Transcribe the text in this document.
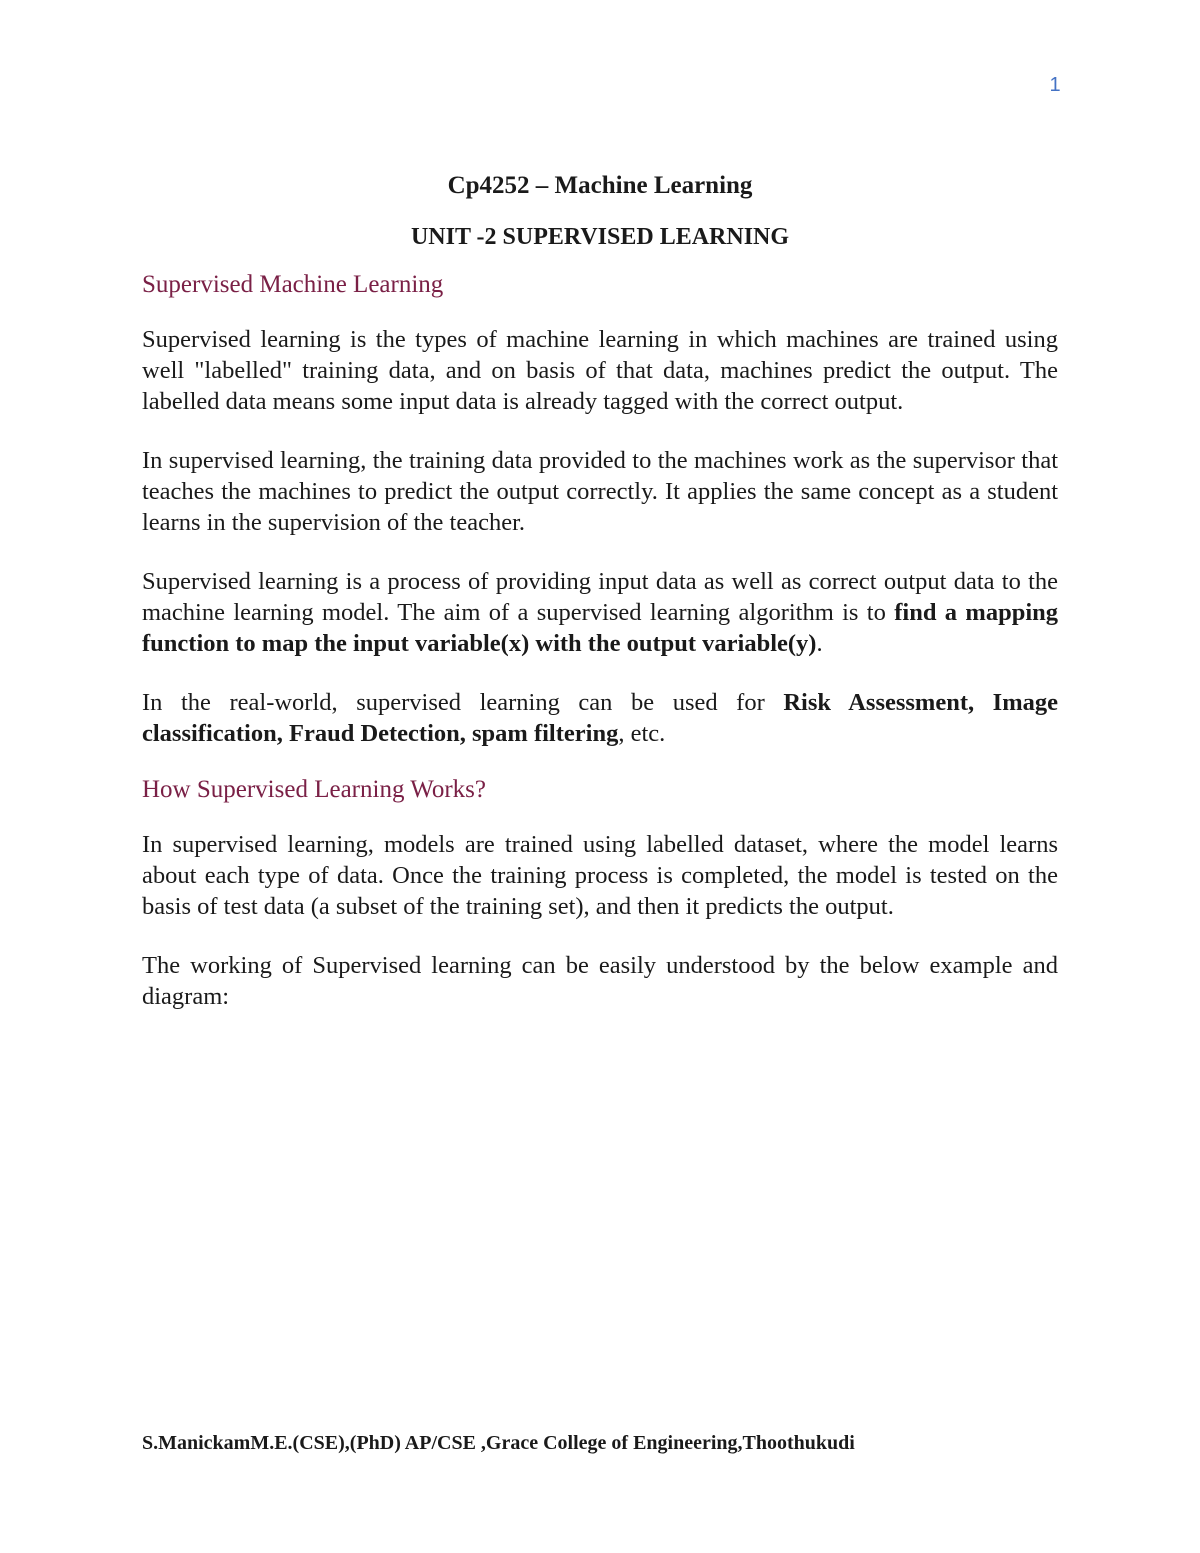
1
Cp4252 – Machine Learning
UNIT -2 SUPERVISED LEARNING
Supervised Machine Learning

Supervised learning is the types of machine learning in which machines are trained using well "labelled" training data, and on basis of that data, machines predict the output. The labelled data means some input data is already tagged with the correct output.

In supervised learning, the training data provided to the machines work as the supervisor that teaches the machines to predict the output correctly. It applies the same concept as a student learns in the supervision of the teacher.

Supervised learning is a process of providing input data as well as correct output data to the machine learning model. The aim of a supervised learning algorithm is to find a mapping function to map the input variable(x) with the output variable(y).

In the real-world, supervised learning can be used for Risk Assessment, Image classification, Fraud Detection, spam filtering, etc.

How Supervised Learning Works?

In supervised learning, models are trained using labelled dataset, where the model learns about each type of data. Once the training process is completed, the model is tested on the basis of test data (a subset of the training set), and then it predicts the output.

The working of Supervised learning can be easily understood by the below example and diagram:

S.ManickamM.E.(CSE),(PhD) AP/CSE ,Grace College of Engineering,Thoothukudi
